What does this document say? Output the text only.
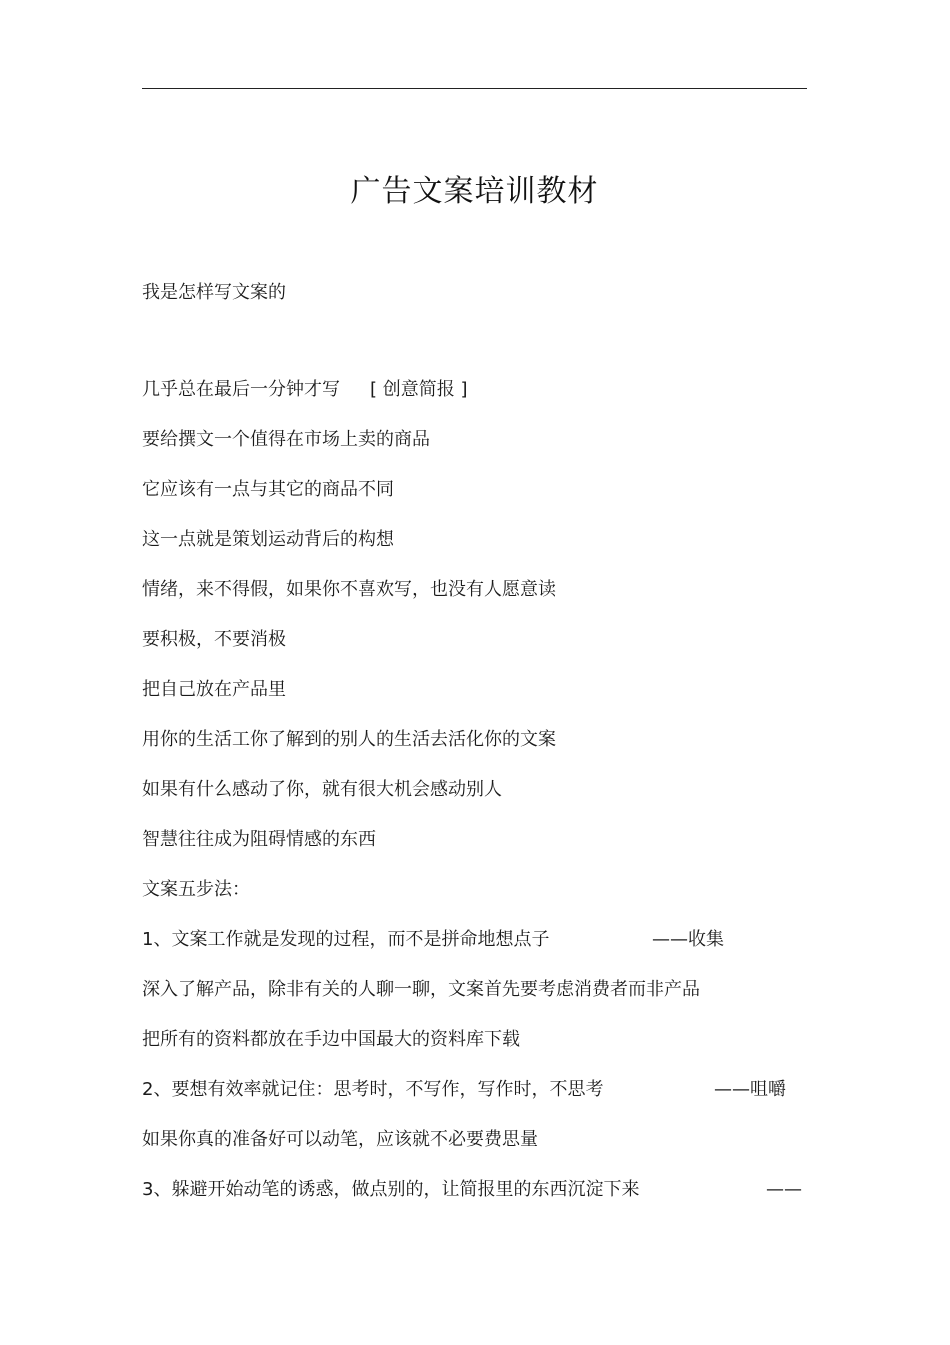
广告文案培训教材
我是怎样写文案的
几乎总在最后一分钟才写 [ 创意简报 ]
要给撰文一个值得在市场上卖的商品
它应该有一点与其它的商品不同
这一点就是策划运动背后的构想
情绪，来不得假，如果你不喜欢写，也没有人愿意读
要积极，不要消极
把自己放在产品里
用你的生活工你了解到的别人的生活去活化你的文案
如果有什么感动了你，就有很大机会感动别人
智慧往往成为阻碍情感的东西
文案五步法：
1、文案工作就是发现的过程，而不是拼命地想点子	——收集
深入了解产品，除非有关的人聊一聊，文案首先要考虑消费者而非产品
把所有的资料都放在手边中国最大的资料库下载
2、要想有效率就记住：思考时，不写作，写作时，不思考	——咀嚼
如果你真的准备好可以动笔，应该就不必要费思量
3、躲避开始动笔的诱惑，做点别的，让简报里的东西沉淀下来	——
